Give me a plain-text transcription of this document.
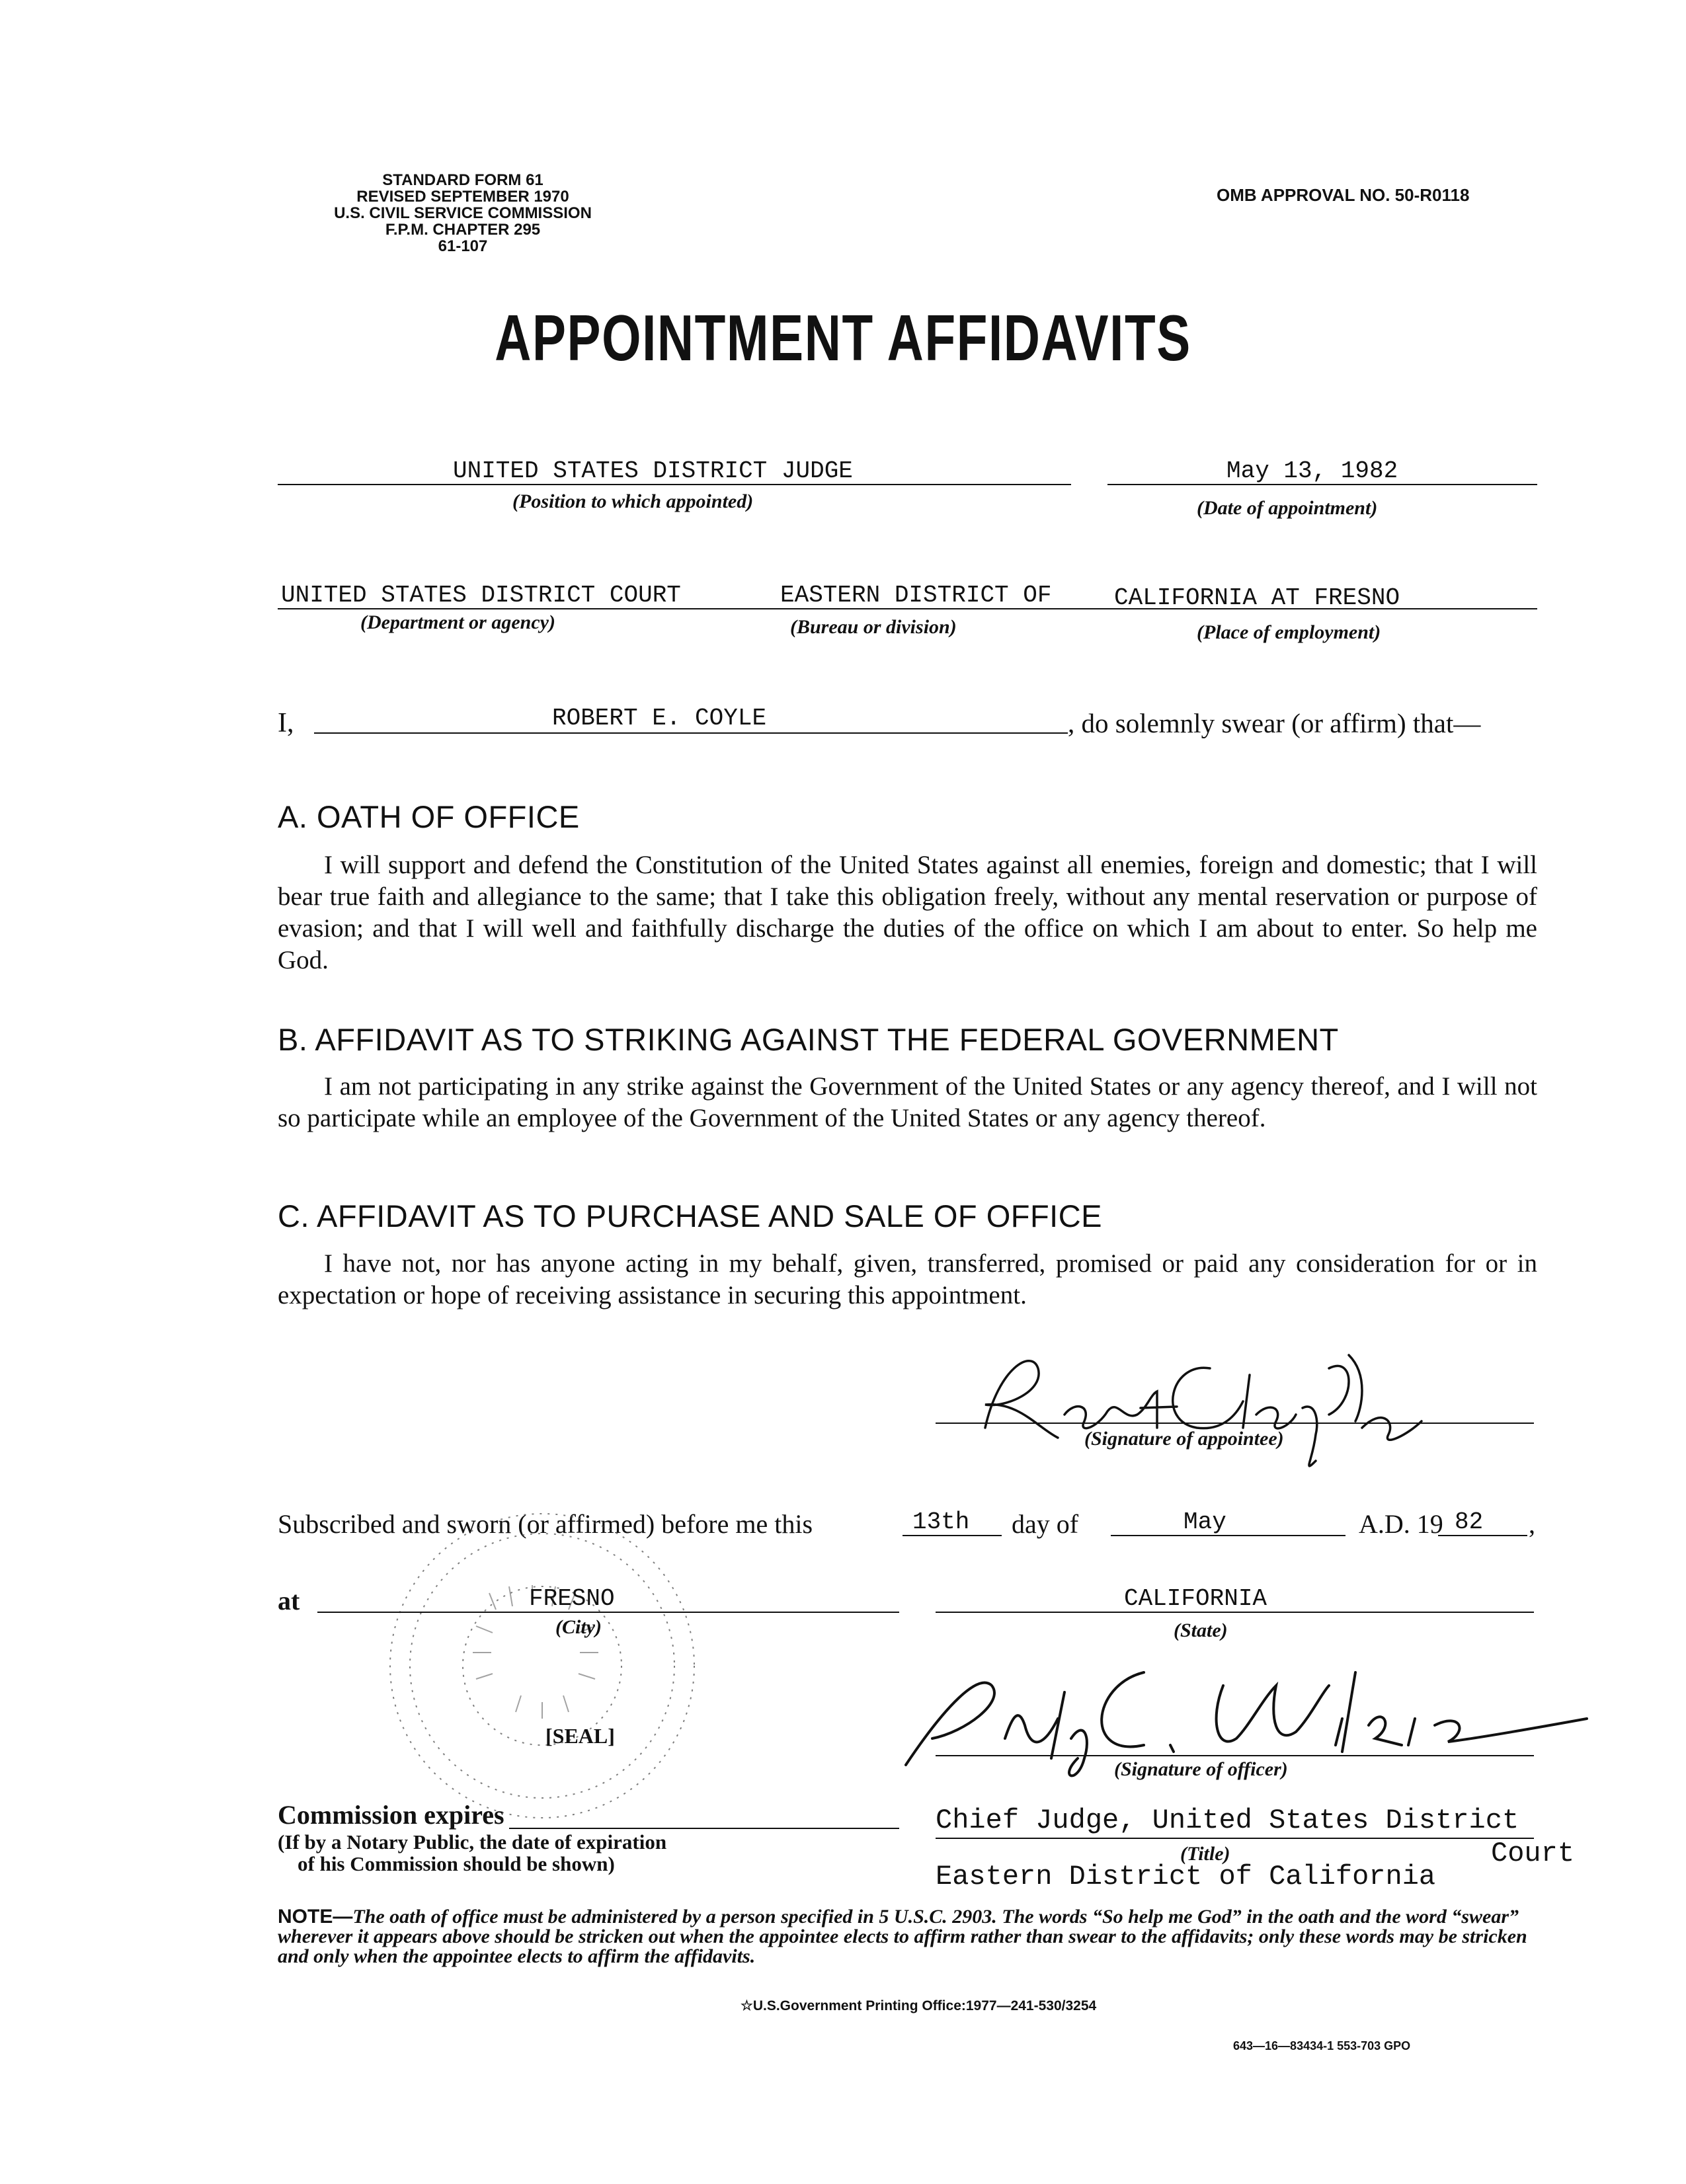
STANDARD FORM 61
REVISED SEPTEMBER 1970
U.S. CIVIL SERVICE COMMISSION
F.P.M. CHAPTER 295
61-107
OMB APPROVAL NO. 50-R0118
APPOINTMENT AFFIDAVITS
UNITED STATES DISTRICT JUDGE
(Position to which appointed)
May 13, 1982
(Date of appointment)
UNITED STATES DISTRICT COURT	EASTERN DISTRICT OF	CALIFORNIA AT FRESNO
(Department or agency)	(Bureau or division)	(Place of employment)
I,	ROBERT E. COYLE	, do solemnly swear (or affirm) that—
A. OATH OF OFFICE
I will support and defend the Constitution of the United States against all enemies, foreign and domestic; that I will bear true faith and allegiance to the same; that I take this obligation freely, without any mental reservation or purpose of evasion; and that I will well and faithfully discharge the duties of the office on which I am about to enter. So help me God.
B. AFFIDAVIT AS TO STRIKING AGAINST THE FEDERAL GOVERNMENT
I am not participating in any strike against the Government of the United States or any agency thereof, and I will not so participate while an employee of the Government of the United States or any agency thereof.
C. AFFIDAVIT AS TO PURCHASE AND SALE OF OFFICE
I have not, nor has anyone acting in my behalf, given, transferred, promised or paid any consideration for or in expectation or hope of receiving assistance in securing this appointment.
(Signature of appointee)
Subscribed and sworn (or affirmed) before me this	13th day of	May	A.D. 19 82 ,
at	FRESNO
(City)
CALIFORNIA
(State)
[SEAL]
(Signature of officer)
Chief Judge, United States District
Court
(Title)
Eastern District of California
Commission expires
(If by a Notary Public, the date of expiration
of his Commission should be shown)
NOTE—The oath of office must be administered by a person specified in 5 U.S.C. 2903. The words “So help me God” in the oath and the word “swear” wherever it appears above should be stricken out when the appointee elects to affirm rather than swear to the affidavits; only these words may be stricken and only when the appointee elects to affirm the affidavits.
☆U.S.Government Printing Office:1977—241-530/3254
643—16—83434-1 553-703 GPO
